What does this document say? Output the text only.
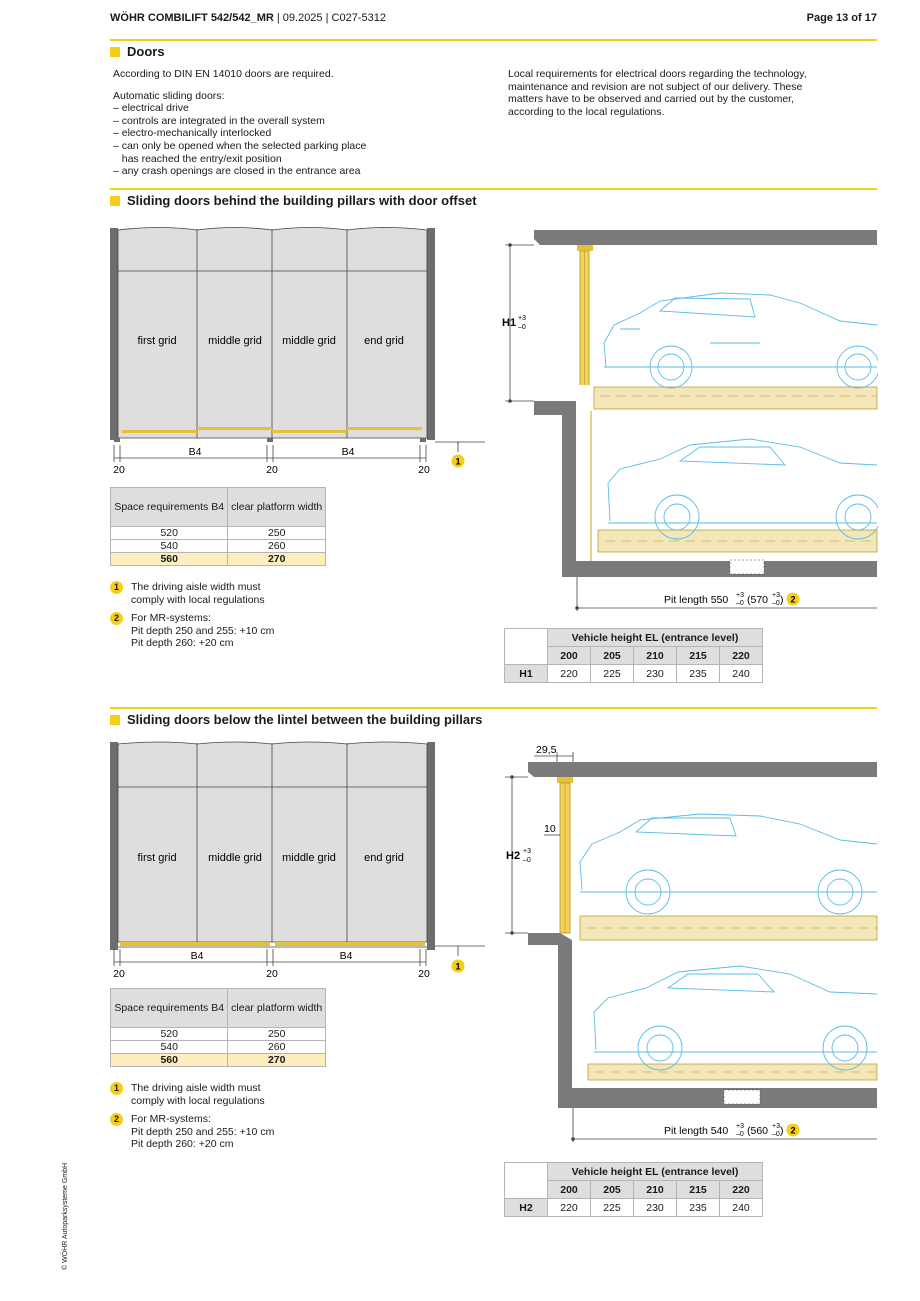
WÖHR COMBILIFT 542/542_MR | 09.2025 | C027-5312	Page 13 of 17
Doors

According to DIN EN 14010 doors are required.

Automatic sliding doors:
– electrical drive
– controls are integrated in the overall system
– electro-mechanically interlocked
– can only be opened when the selected parking place
has reached the entry/exit position
– any crash openings are closed in the entrance area
Local requirements for electrical doors regarding the technology,
maintenance and revision are not subject of our delivery. These
matters have to be observed and carried out by the customer,
according to the local regulations.
Sliding doors behind the building pillars with door offset
first grid	middle grid middle grid	end grid
B4	B4
20	20	20
1
Space requirements B4	clear platform width
520	250
540	260
560	270
1	The driving aisle width must
comply with local regulations
2	For MR-systems:
Pit depth 250 and 255: +10 cm
Pit depth 260: +20 cm
H1 +3
–0
Pit length 550 +3
–0 (570 +3
–0 ) 2
	Vehicle height EL (entrance level)				
	200	205	210	215	220
H1	220	225	230	235	240
Sliding doors below the lintel between the building pillars
first grid	middle grid middle grid	end grid
B4	B4
20	20	20
1
Space requirements B4	clear platform width
520	250
540	260
560	270
1	The driving aisle width must
comply with local regulations
2	For MR-systems:
Pit depth 250 and 255: +10 cm
Pit depth 260: +20 cm
29,5
10
H2 +3
–0
Pit length 540 +3
–0 (560 +3
–0 ) 2
	Vehicle height EL (entrance level)				
	200	205	210	215	220
H2	220	225	230	235	240
© WÖHR Autoparksysteme GmbH
